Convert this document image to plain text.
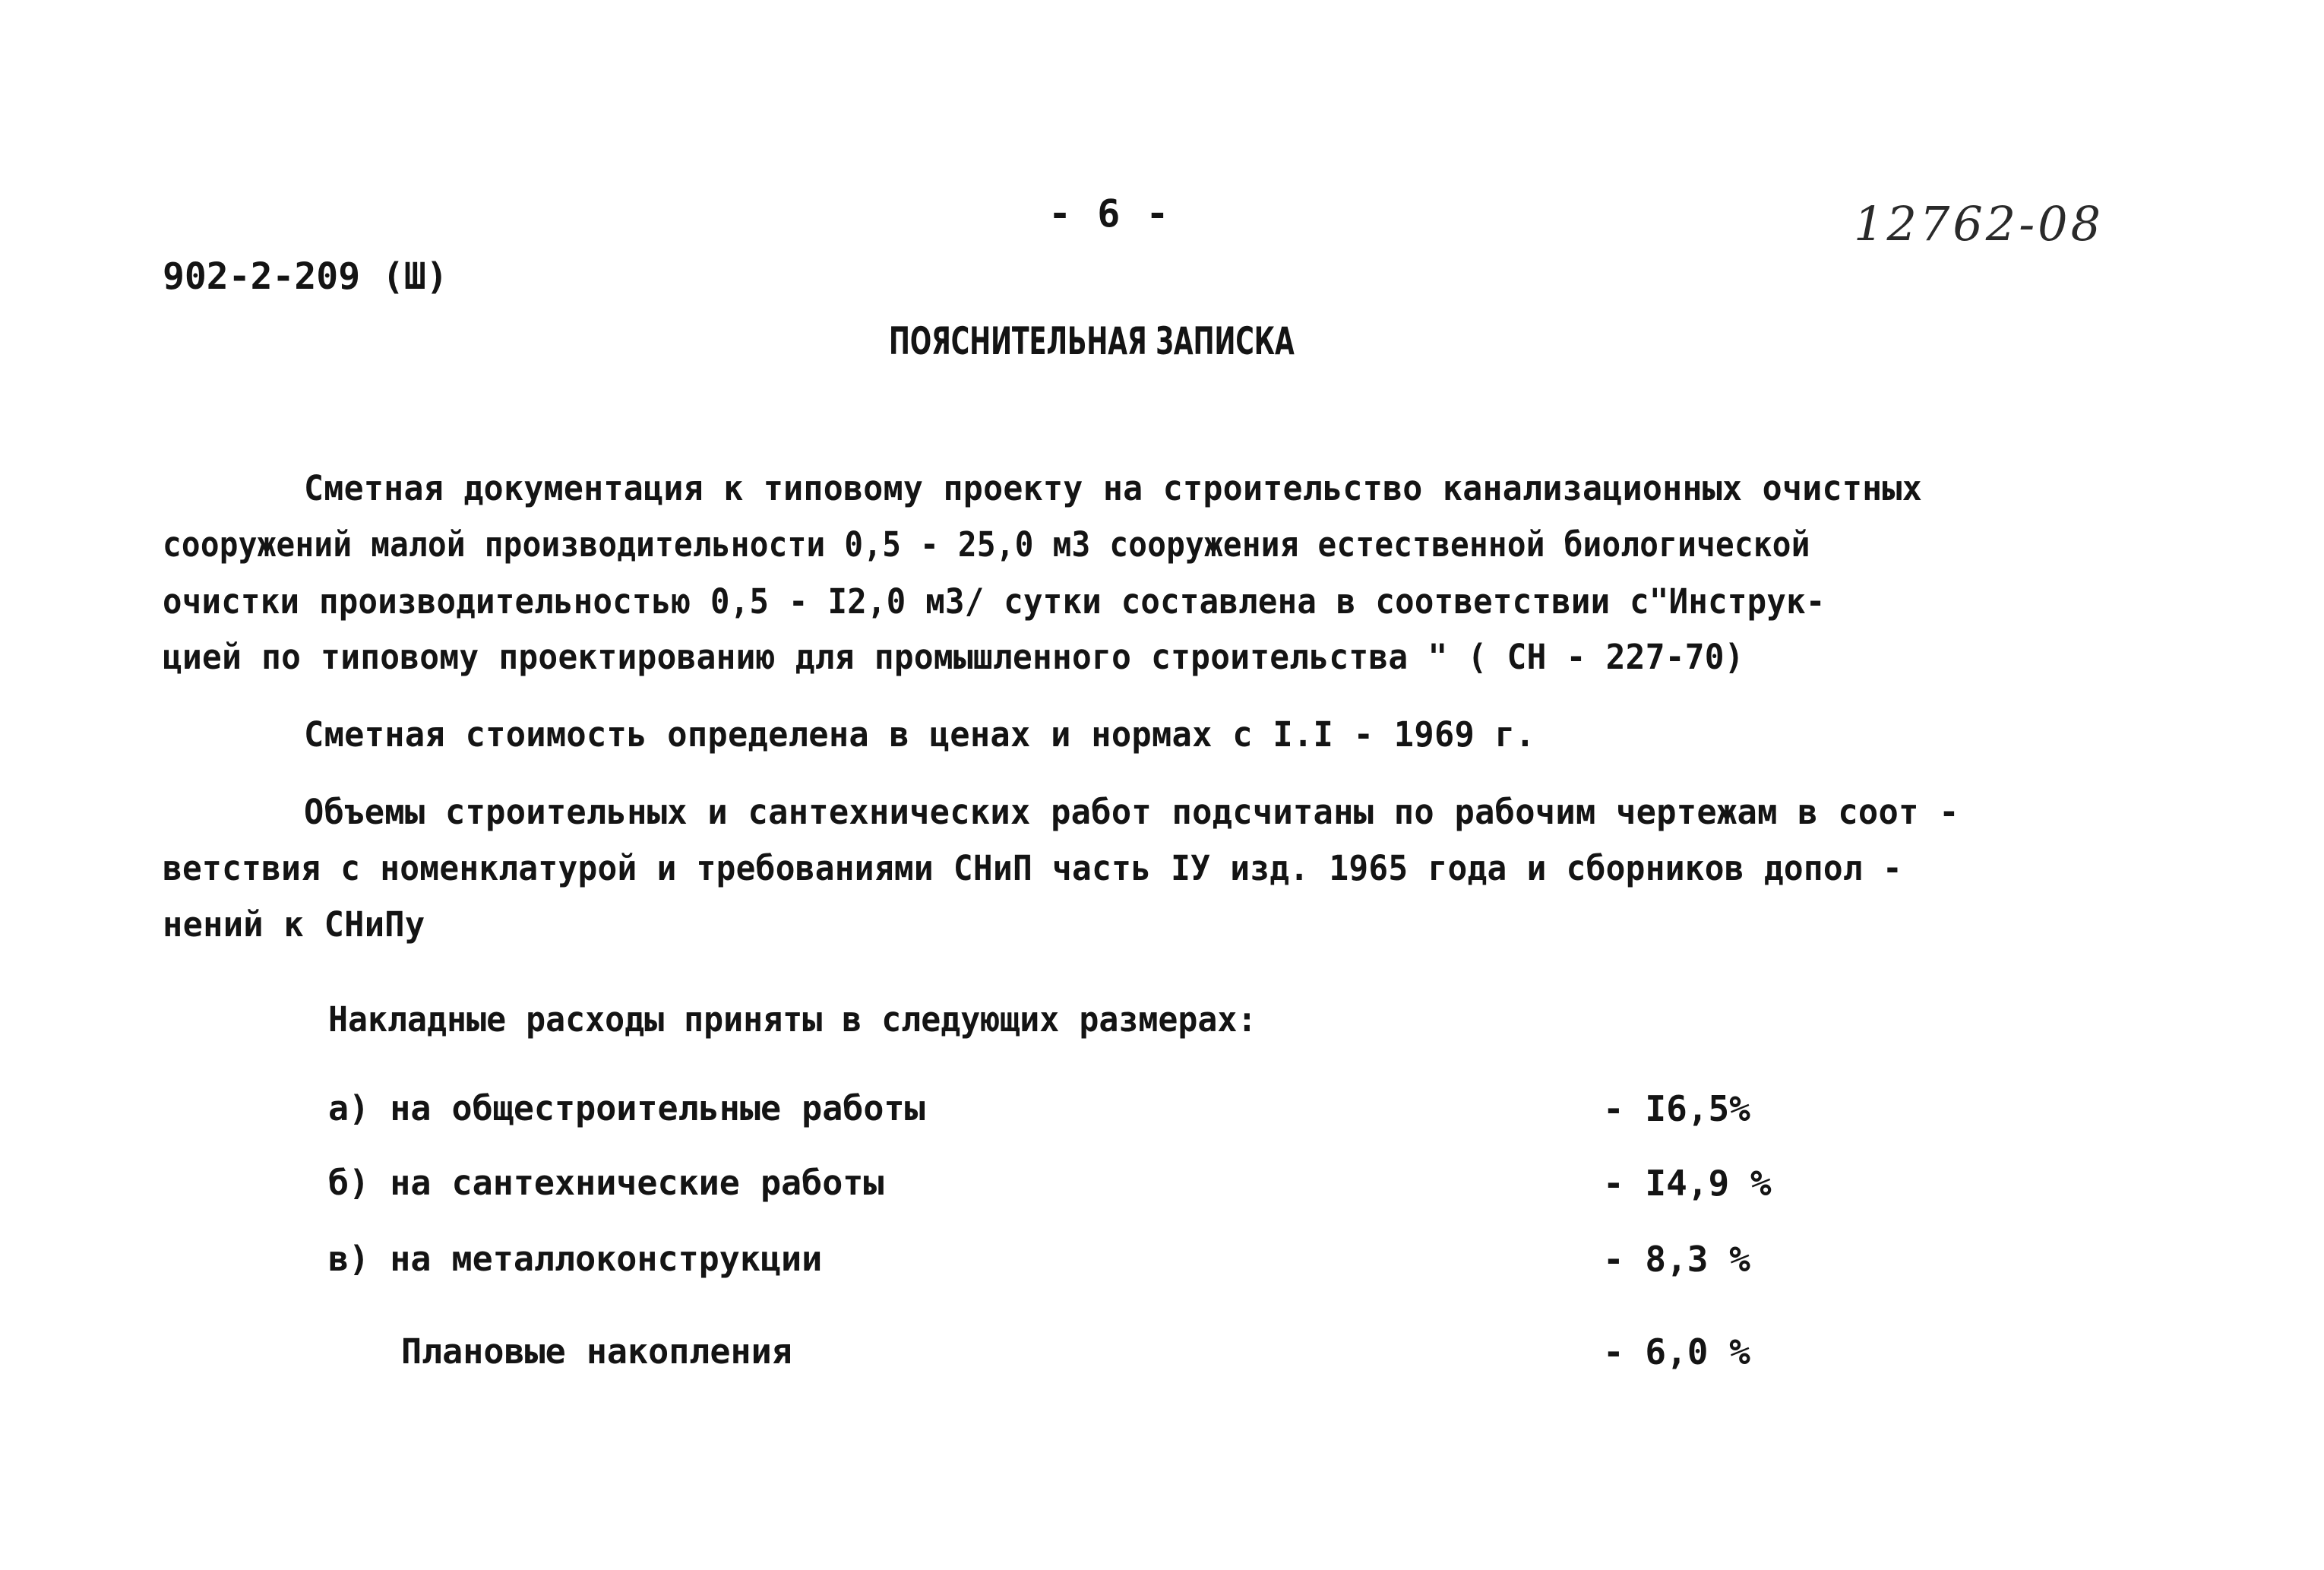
- 6 -	12762-08
902-2-209 (Ш)
ПОЯСНИТЕЛЬНАЯ ЗАПИСКА
Сметная документация к типовому проекту на строительство канализационных очистных
сооружений малой производительности 0,5 - 25,0 м3 сооружения естественной биологической
очистки производительностью 0,5 - I2,0 м3/ сутки составлена в соответствии с"Инструк-
цией по типовому проектированию для промышленного строительства " ( СН - 227-70)
Сметная стоимость определена в ценах и нормах с I.I - 1969 г.
Объемы строительных и сантехнических работ подсчитаны по рабочим чертежам в соот -
ветствия с номенклатурой и требованиями СНиП часть IУ изд. 1965 года и сборников допол -
нений к СНиПу
Накладные расходы приняты в следующих размерах:
а) на общестроительные работы	- I6,5%
б) на сантехнические работы	- I4,9 %
в) на металлоконструкции	- 8,3 %
Плановые накопления	- 6,0 %
